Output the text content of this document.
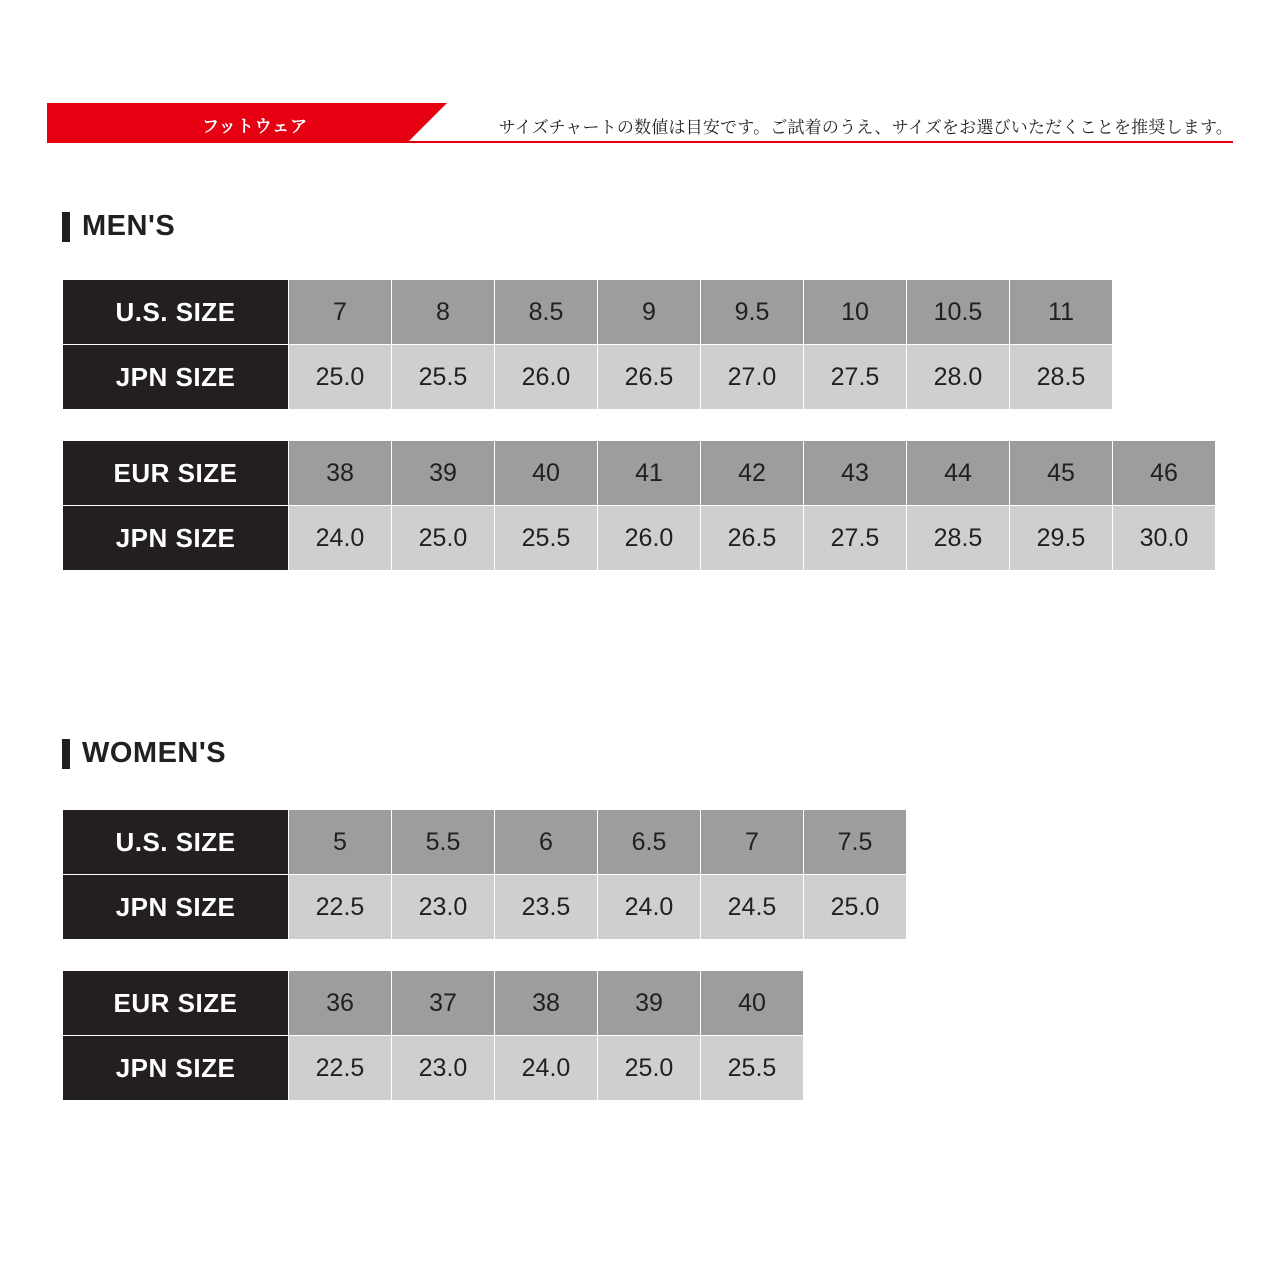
フットウェア	サイズチャートの数値は目安です。ご試着のうえ、サイズをお選びいただくことを推奨します。
MEN'S
U.S. SIZE	7	8	8.5	9	9.5	10	10.5	11
JPN SIZE	25.0	25.5	26.0	26.5	27.0	27.5	28.0	28.5
EUR SIZE	38	39	40	41	42	43	44	45	46
JPN SIZE	24.0	25.0	25.5	26.0	26.5	27.5	28.5	29.5	30.0
WOMEN'S
U.S. SIZE	5	5.5	6	6.5	7	7.5
JPN SIZE	22.5	23.0	23.5	24.0	24.5	25.0
EUR SIZE	36	37	38	39	40
JPN SIZE	22.5	23.0	24.0	25.0	25.5
